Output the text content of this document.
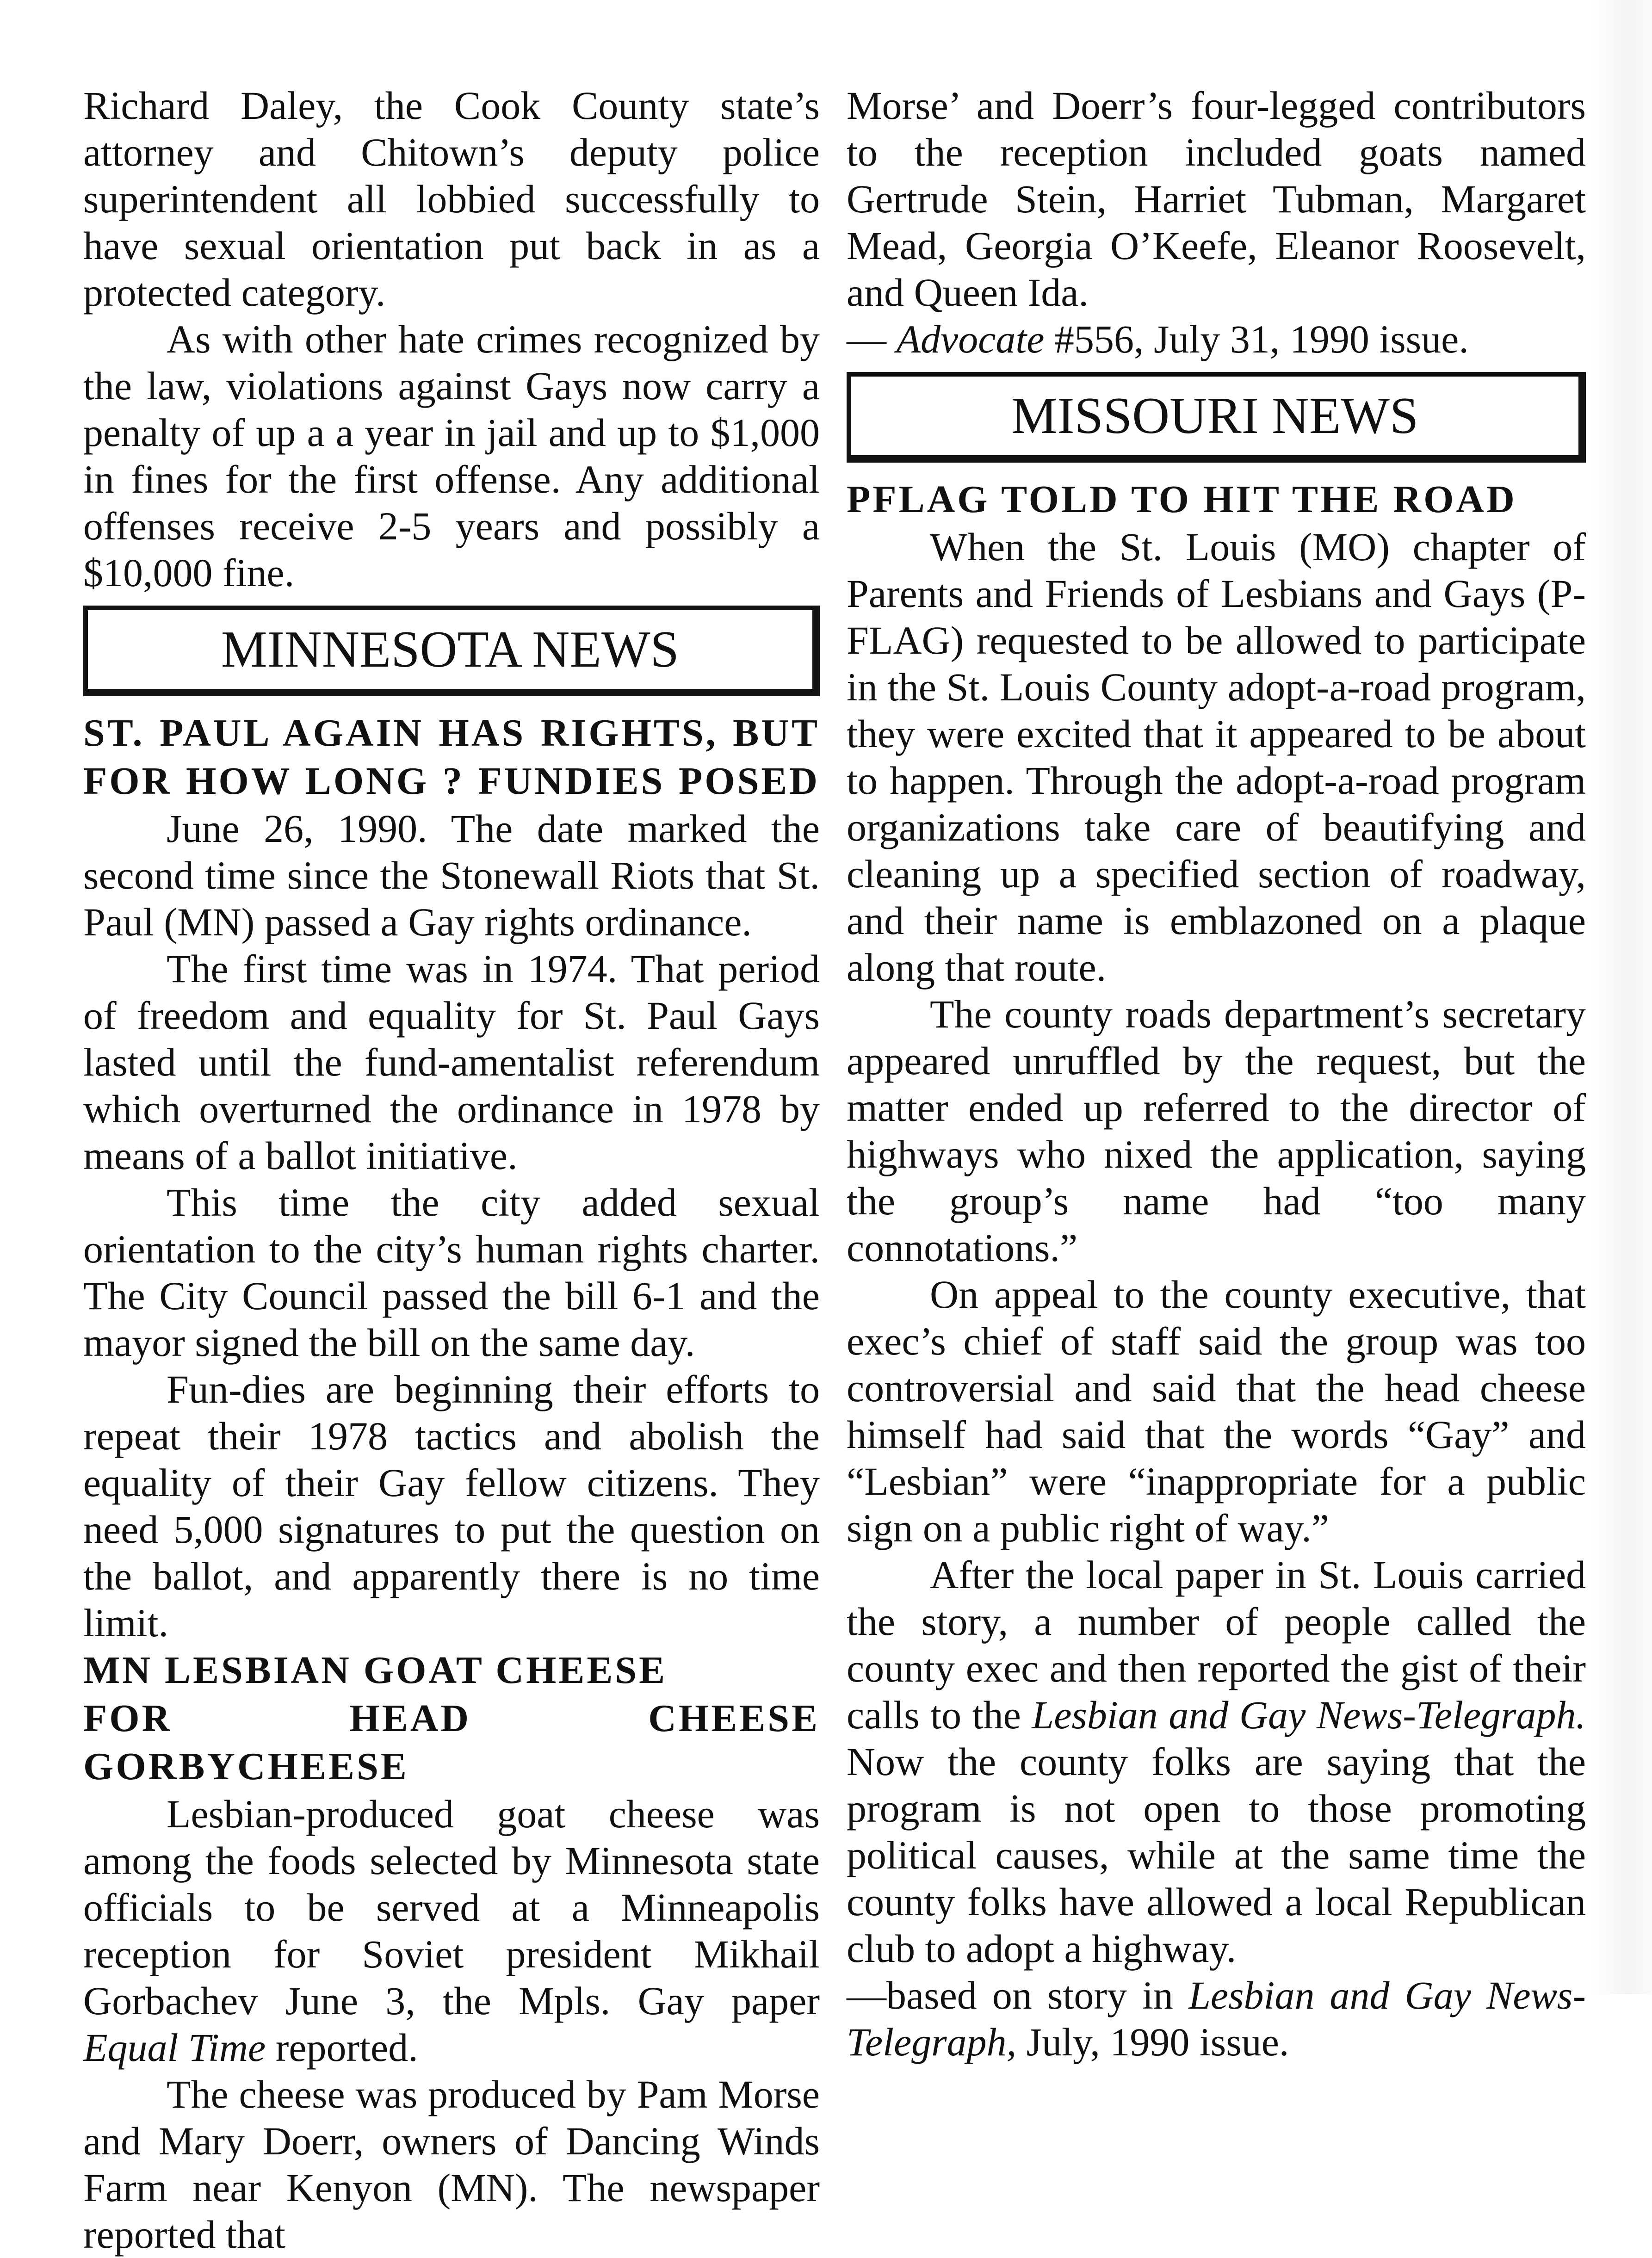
Richard Daley, the Cook County state’s attorney and Chitown’s deputy police superintendent all lobbied successfully to have sexual orientation put back in as a protected category.

As with other hate crimes recognized by the law, violations against Gays now carry a penalty of up a a year in jail and up to $1,000 in fines for the first offense. Any additional offenses receive 2-5 years and possibly a $10,000 fine.

MINNESOTA NEWS
ST. PAUL AGAIN HAS RIGHTS, BUT
FOR HOW LONG ? FUNDIES POSED

June 26, 1990. The date marked the second time since the Stonewall Riots that St. Paul (MN) passed a Gay rights ordinance.

The first time was in 1974. That period of freedom and equality for St. Paul Gays lasted until the fund-amentalist referendum which overturned the ordinance in 1978 by means of a ballot initiative.

This time the city added sexual orientation to the city’s human rights charter. The City Council passed the bill 6-1 and the mayor signed the bill on the same day.

Fun-dies are beginning their efforts to repeat their 1978 tactics and abolish the equality of their Gay fellow citizens. They need 5,000 signatures to put the question on the ballot, and apparently there is no time limit.

MN LESBIAN GOAT CHEESE
FOR HEAD CHEESE GORBYCHEESE

Lesbian-produced goat cheese was among the foods selected by Minnesota state officials to be served at a Minneapolis reception for Soviet president Mikhail Gorbachev June 3, the Mpls. Gay paper Equal Time reported.

The cheese was produced by Pam Morse and Mary Doerr, owners of Dancing Winds Farm near Kenyon (MN). The newspaper reported that

Morse’ and Doerr’s four-legged contributors to the reception included goats named Gertrude Stein, Harriet Tubman, Margaret Mead, Georgia O’Keefe, Eleanor Roosevelt, and Queen Ida.

— Advocate #556, July 31, 1990 issue.

MISSOURI NEWS
PFLAG TOLD TO HIT THE ROAD

When the St. Louis (MO) chapter of Parents and Friends of Lesbians and Gays (P-FLAG) requested to be allowed to participate in the St. Louis County adopt-a-road program, they were excited that it appeared to be about to happen. Through the adopt-a-road program organizations take care of beautifying and cleaning up a specified section of roadway, and their name is emblazoned on a plaque along that route.

The county roads department’s secretary appeared unruffled by the request, but the matter ended up referred to the director of highways who nixed the application, saying the group’s name had “too many connotations.”

On appeal to the county executive, that exec’s chief of staff said the group was too controversial and said that the head cheese himself had said that the words “Gay” and “Lesbian” were “inappropriate for a public sign on a public right of way.”

After the local paper in St. Louis carried the story, a number of people called the county exec and then reported the gist of their calls to the Lesbian and Gay News-Telegraph. Now the county folks are saying that the program is not open to those promoting political causes, while at the same time the county folks have allowed a local Republican club to adopt a highway.

—based on story in Lesbian and Gay News-Telegraph, July, 1990 issue.
